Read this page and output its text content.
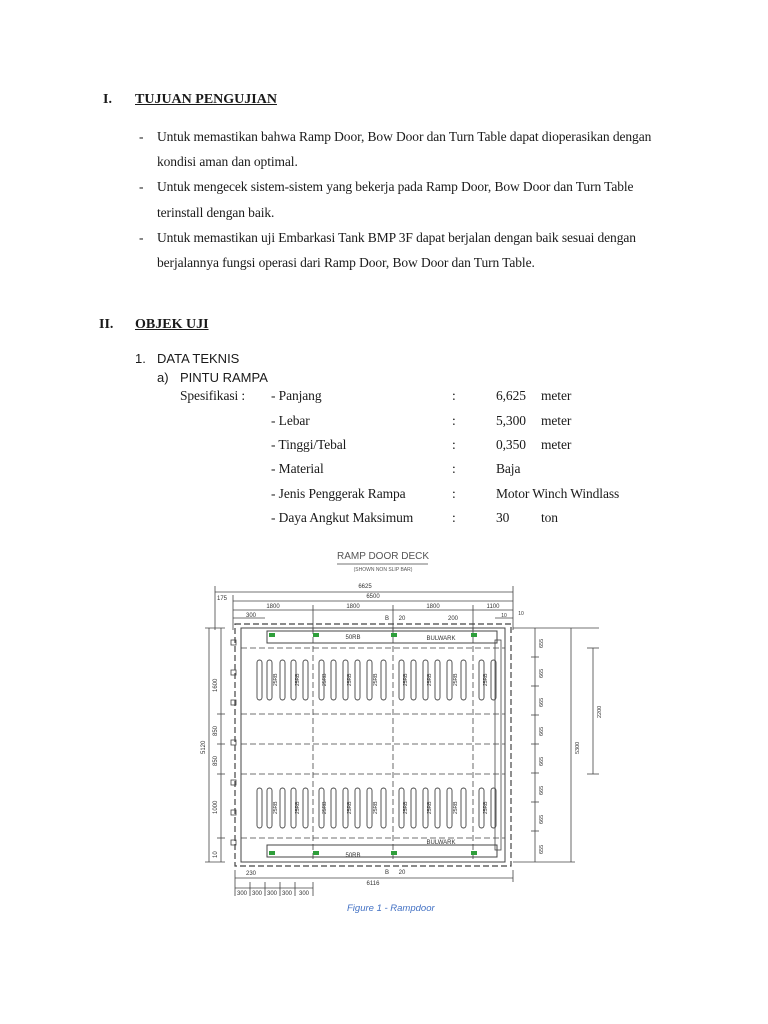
I. TUJUAN PENGUJIAN
- Untuk memastikan bahwa Ramp Door, Bow Door dan Turn Table dapat dioperasikan dengan
kondisi aman dan optimal.
- Untuk mengecek sistem-sistem yang bekerja pada Ramp Door, Bow Door dan Turn Table
terinstall dengan baik.
- Untuk memastikan uji Embarkasi Tank BMP 3F dapat berjalan dengan baik sesuai dengan
berjalannya fungsi operasi dari Ramp Door, Bow Door dan Turn Table.
II. OBJEK UJI
1. DATA TEKNIS
a) PINTU RAMPA
Spesifikasi : - Panjang	:	6,625 meter
- Lebar	:	5,300 meter
- Tinggi/Tebal	:	0,350 meter
- Material	:	Baja
- Jenis Penggerak Rampa	:	Motor Winch Windlass
- Daya Angkut Maksimum	:	30 ton
RAMP DOOR DECK
(SHOWN NON SLIP BAR)
6625
6500
175
1800	1800	1800	1100
300	200	10 10
B 20
50RB	BULWARK
BULWARK
50RB
B 20
25RB	25RB	25RB	25RB	25RB	25RB	25RB	25RB	25RB
25RB	25RB	25RB	25RB	25RB	25RB	25RB	25RB	25RB
1600
850
850
1000
10
5120
655
665
665
665
665
665
665
655
5300
2200
230
300 300 300 300 300
6116
Figure 1 - Rampdoor
